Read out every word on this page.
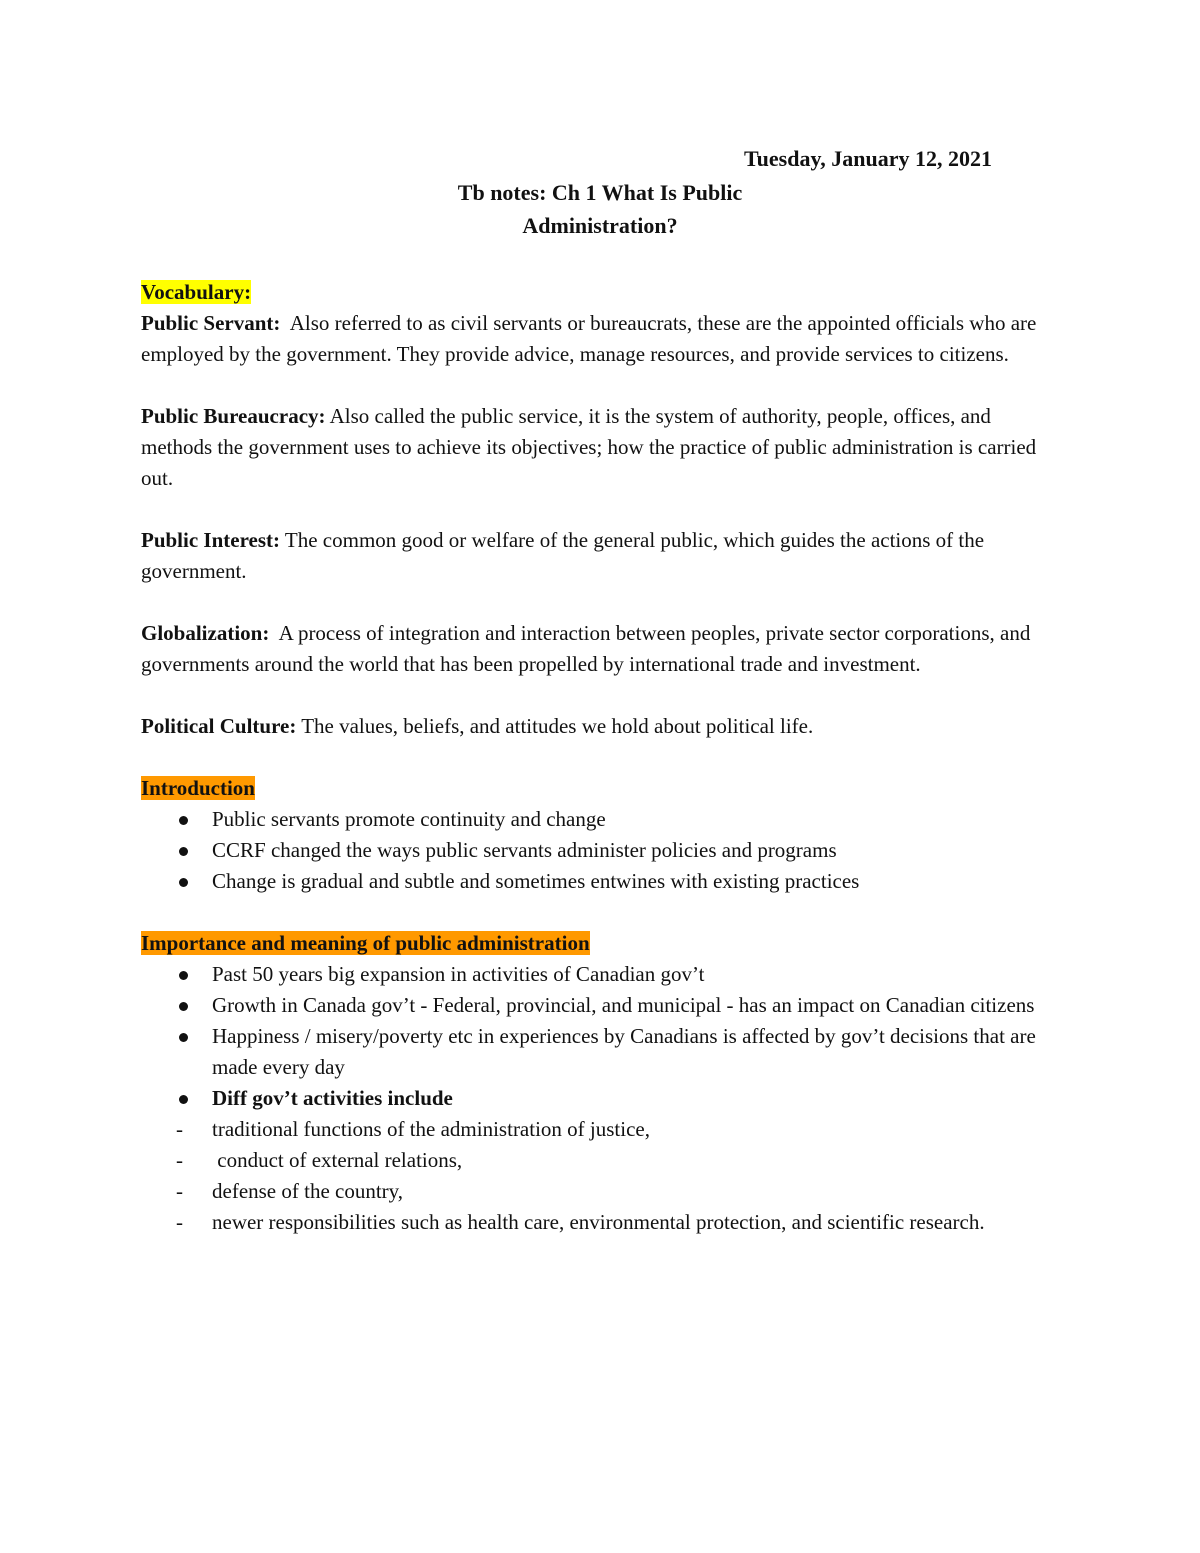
Tuesday, January 12, 2021
Tb notes: Ch 1 What Is Public
Administration?

Vocabulary:

Public Servant:  Also referred to as civil servants or bureaucrats, these are the appointed officials who are employed by the government. They provide advice, manage resources, and provide services to citizens.

Public Bureaucracy: Also called the public service, it is the system of authority, people, offices, and methods the government uses to achieve its objectives; how the practice of public administration is carried out.

Public Interest: The common good or welfare of the general public, which guides the actions of the government.

Globalization:  A process of integration and interaction between peoples, private sector corporations, and governments around the world that has been propelled by international trade and investment.

Political Culture: The values, beliefs, and attitudes we hold about political life.

Introduction

Public servants promote continuity and change
CCRF changed the ways public servants administer policies and programs
Change is gradual and subtle and sometimes entwines with existing practices

Importance and meaning of public administration

Past 50 years big expansion in activities of Canadian gov’t
Growth in Canada gov’t - Federal, provincial, and municipal - has an impact on Canadian citizens
Happiness / misery/poverty etc in experiences by Canadians is affected by gov’t decisions that are made every day
Diff gov’t activities include
- traditional functions of the administration of justice,
- conduct of external relations,
- defense of the country,
- newer responsibilities such as health care, environmental protection, and scientific research.
